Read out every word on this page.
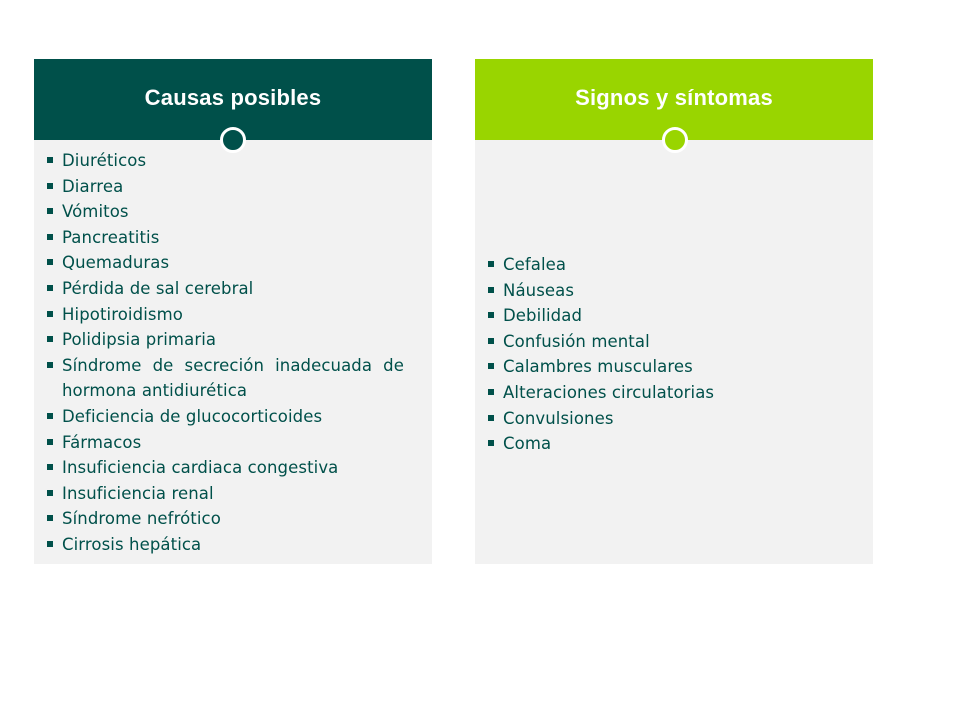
Causas posibles
Diuréticos
Diarrea
Vómitos
Pancreatitis
Quemaduras
Pérdida de sal cerebral
Hipotiroidismo
Polidipsia primaria
Síndrome de secreción inadecuada de hormona antidiurética
Deficiencia de glucocorticoides
Fármacos
Insuficiencia cardiaca congestiva
Insuficiencia renal
Síndrome nefrótico
Cirrosis hepática
Signos y síntomas
Cefalea
Náuseas
Debilidad
Confusión mental
Calambres musculares
Alteraciones circulatorias
Convulsiones
Coma
